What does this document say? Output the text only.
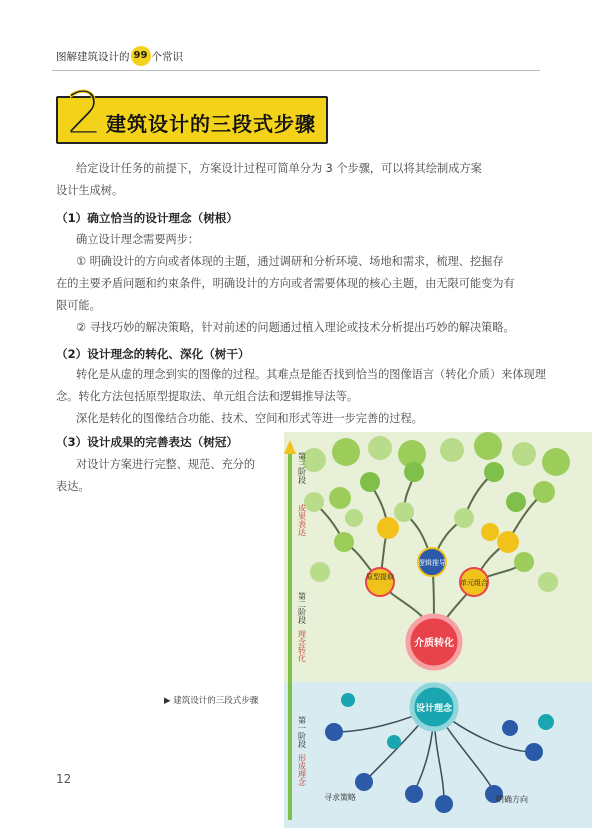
图解建筑设计的 99 个常识
2 建筑设计的三段式步骤
给定设计任务的前提下，方案设计过程可简单分为 3 个步骤，可以将其绘制成方案
设计生成树。
（1）确立恰当的设计理念（树根）
确立设计理念需要两步：
① 明确设计的方向或者体现的主题，通过调研和分析环境、场地和需求，梳理、挖掘存
在的主要矛盾问题和约束条件，明确设计的方向或者需要体现的核心主题，由无限可能变为有
限可能。
② 寻找巧妙的解决策略，针对前述的问题通过植入理论或技术分析提出巧妙的解决策略。
（2）设计理念的转化、深化（树干）
转化是从虚的理念到实的图像的过程。其难点是能否找到恰当的图像语言（转化介质）来体现理
念。转化方法包括原型提取法、单元组合法和逻辑推导法等。
深化是转化的图像结合功能、技术、空间和形式等进一步完善的过程。
（3）设计成果的完善表达（树冠）
对设计方案进行完整、规范、充分的
表达。
▶ 建筑设计的三段式步骤
原型提取
逻辑推导
单元组合
介质转化
设计理念
寻求策略	明确方向
第三阶段
成果表达
第二阶段
理念转化
第一阶段
形成理念
12
